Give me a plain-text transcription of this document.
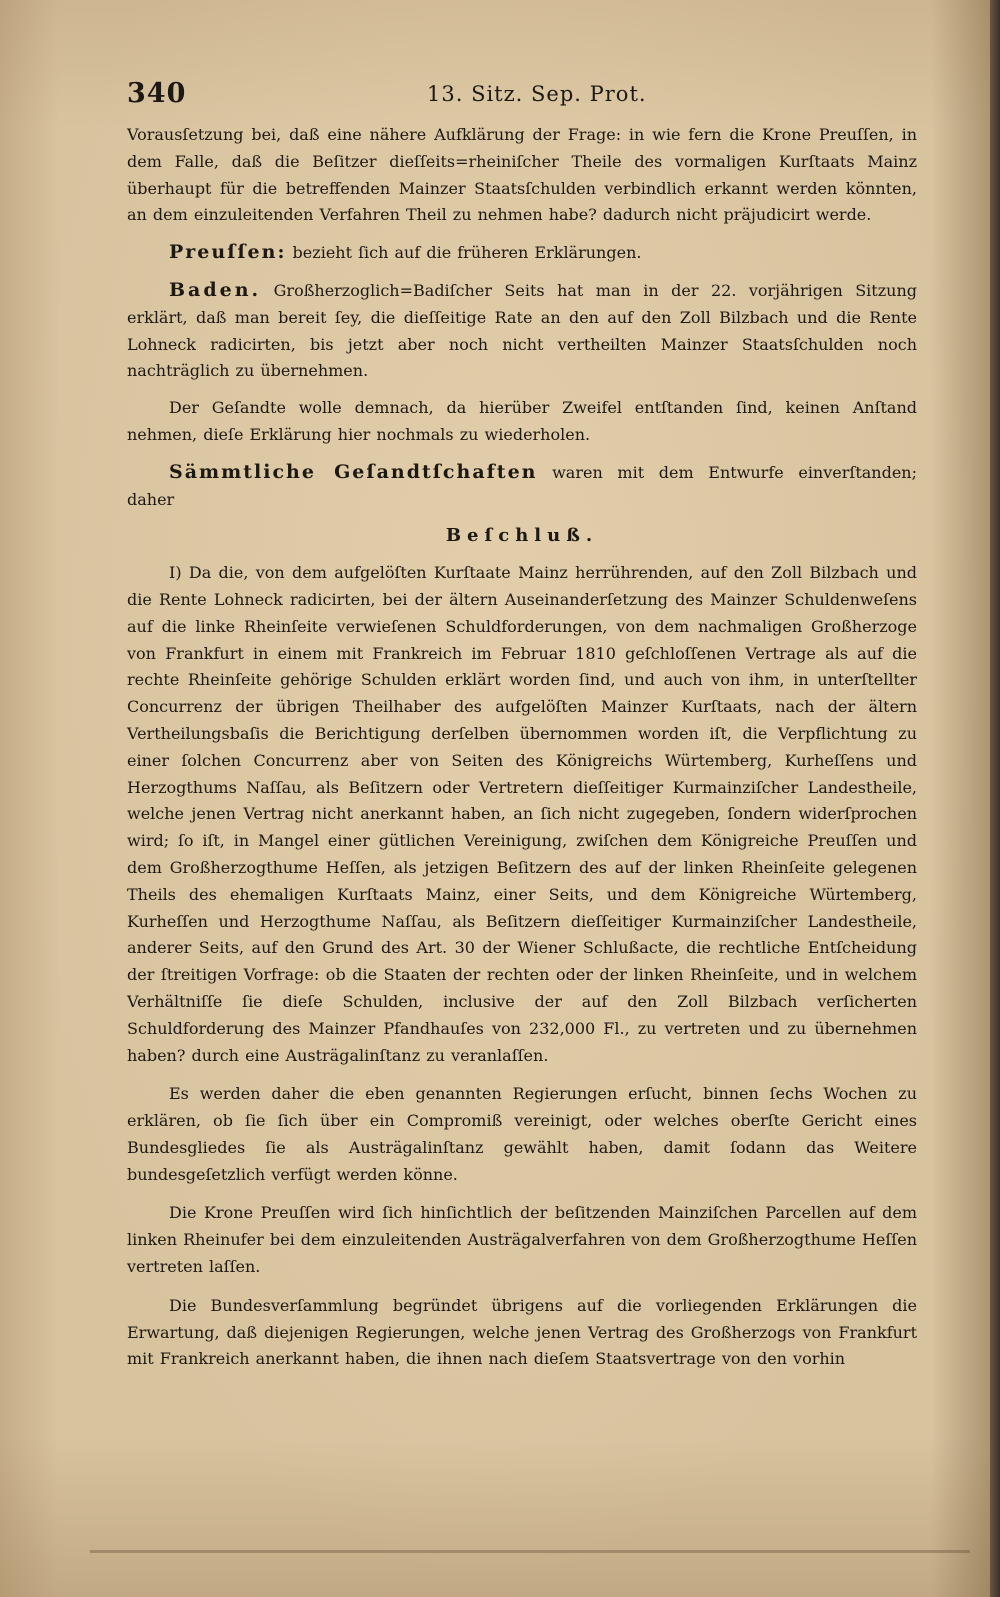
340	13. Sitz. Sep. Prot.

Vorausſetzung bei, daß eine nähere Aufklärung der Frage: in wie fern die Krone Preuſſen, in dem Falle, daß die Beſitzer dieſſeits=rheiniſcher Theile des vormaligen Kurſtaats Mainz überhaupt für die betreffenden Mainzer Staatsſchulden verbindlich erkannt werden könnten, an dem einzuleitenden Verfahren Theil zu nehmen habe? dadurch nicht präjudicirt werde.

Preuſſen: bezieht ſich auf die früheren Erklärungen.

Baden. Großherzoglich=Badiſcher Seits hat man in der 22. vorjährigen Sitzung erklärt, daß man bereit ſey, die dieſſeitige Rate an den auf den Zoll Bilzbach und die Rente Lohneck radicirten, bis jetzt aber noch nicht vertheilten Mainzer Staatsſchulden noch nachträglich zu übernehmen.

Der Geſandte wolle demnach, da hierüber Zweifel entſtanden ſind, keinen Anſtand nehmen, dieſe Erklärung hier nochmals zu wiederholen.

Sämmtliche Geſandtſchaften waren mit dem Entwurfe einverſtanden; daher

Beſchluß.

I) Da die, von dem aufgelöſten Kurſtaate Mainz herrührenden, auf den Zoll Bilzbach und die Rente Lohneck radicirten, bei der ältern Auseinanderſetzung des Mainzer Schuldenweſens auf die linke Rheinſeite verwieſenen Schuldforderungen, von dem nachmaligen Großherzoge von Frankfurt in einem mit Frankreich im Februar 1810 geſchloſſenen Vertrage als auf die rechte Rheinſeite gehörige Schulden erklärt worden ſind, und auch von ihm, in unterſtellter Concurrenz der übrigen Theilhaber des aufgelöſten Mainzer Kurſtaats, nach der ältern Vertheilungsbaſis die Berichtigung derſelben übernommen worden iſt, die Verpflichtung zu einer ſolchen Concurrenz aber von Seiten des Königreichs Würtemberg, Kurheſſens und Herzogthums Naſſau, als Beſitzern oder Vertretern dieſſeitiger Kurmainziſcher Landestheile, welche jenen Vertrag nicht anerkannt haben, an ſich nicht zugegeben, ſondern widerſprochen wird; ſo iſt, in Mangel einer gütlichen Vereinigung, zwiſchen dem Königreiche Preuſſen und dem Großherzogthume Heſſen, als jetzigen Beſitzern des auf der linken Rheinſeite gelegenen Theils des ehemaligen Kurſtaats Mainz, einer Seits, und dem Königreiche Würtemberg, Kurheſſen und Herzogthume Naſſau, als Beſitzern dieſſeitiger Kurmainziſcher Landestheile, anderer Seits, auf den Grund des Art. 30 der Wiener Schlußacte, die rechtliche Entſcheidung der ſtreitigen Vorfrage: ob die Staaten der rechten oder der linken Rheinſeite, und in welchem Verhältniſſe ſie dieſe Schulden, inclusive der auf den Zoll Bilzbach verſicherten Schuldforderung des Mainzer Pfandhauſes von 232,000 Fl., zu vertreten und zu übernehmen haben? durch eine Austrägalinſtanz zu veranlaſſen.

Es werden daher die eben genannten Regierungen erſucht, binnen ſechs Wochen zu erklären, ob ſie ſich über ein Compromiß vereinigt, oder welches oberſte Gericht eines Bundesgliedes ſie als Austrägalinſtanz gewählt haben, damit ſodann das Weitere bundesgeſetzlich verfügt werden könne.

Die Krone Preuſſen wird ſich hinſichtlich der beſitzenden Mainziſchen Parcellen auf dem linken Rheinufer bei dem einzuleitenden Austrägalverfahren von dem Großherzogthume Heſſen vertreten laſſen.

Die Bundesverſammlung begründet übrigens auf die vorliegenden Erklärungen die Erwartung, daß diejenigen Regierungen, welche jenen Vertrag des Großherzogs von Frankfurt mit Frankreich anerkannt haben, die ihnen nach dieſem Staatsvertrage von den vorhin
